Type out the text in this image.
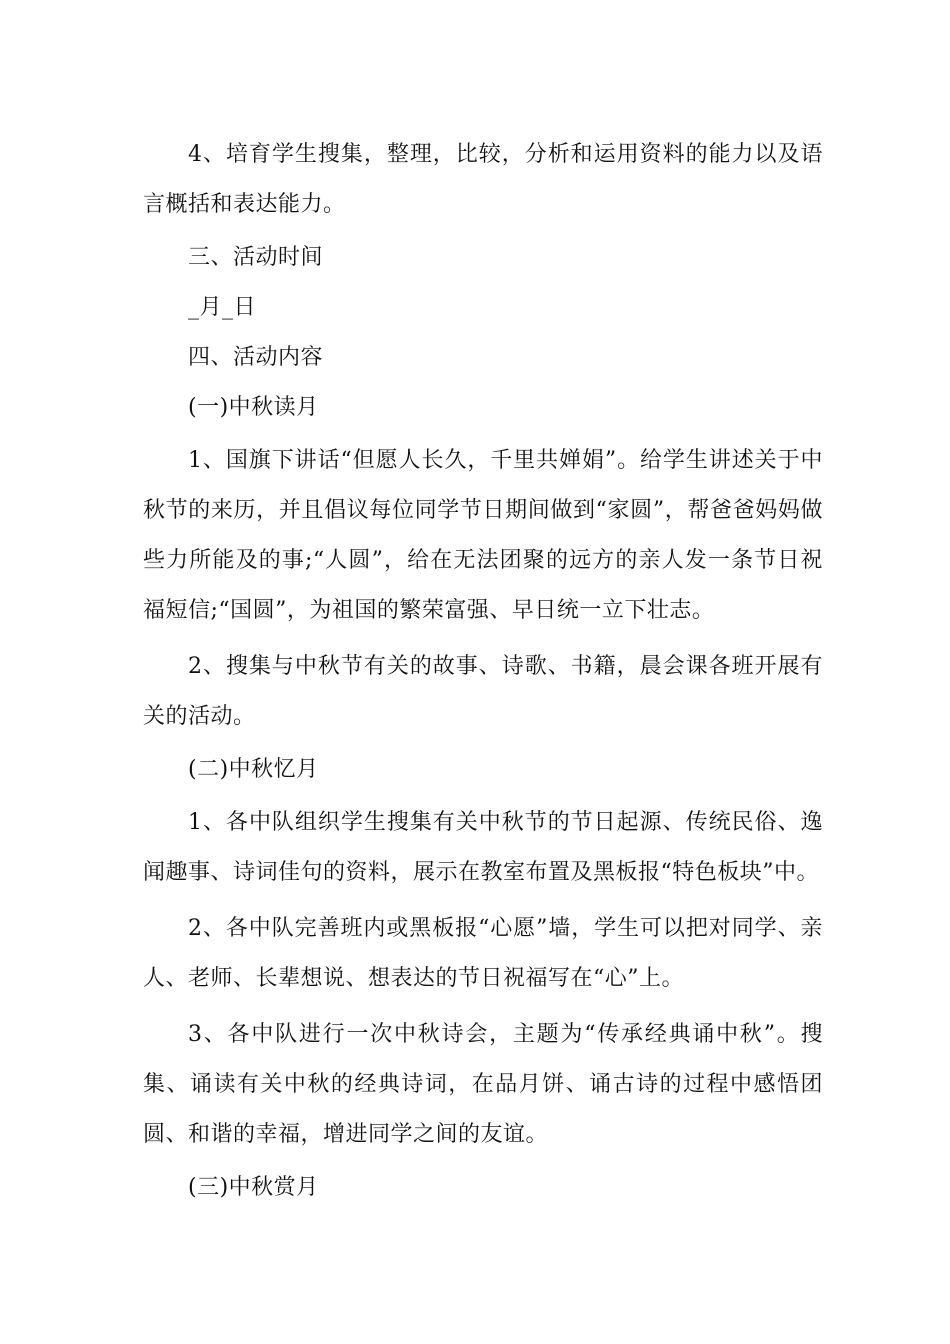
4、培育学生搜集，整理，比较，分析和运用资料的能力以及语言概括和表达能力。

三、活动时间

_月_日

四、活动内容

(一)中秋读月

1、国旗下讲话“但愿人长久，千里共婵娟”。给学生讲述关于中秋节的来历，并且倡议每位同学节日期间做到“家圆”，帮爸爸妈妈做些力所能及的事;“人圆”，给在无法团聚的远方的亲人发一条节日祝福短信;“国圆”，为祖国的繁荣富强、早日统一立下壮志。

2、搜集与中秋节有关的故事、诗歌、书籍，晨会课各班开展有关的活动。

(二)中秋忆月

1、各中队组织学生搜集有关中秋节的节日起源、传统民俗、逸闻趣事、诗词佳句的资料，展示在教室布置及黑板报“特色板块”中。

2、各中队完善班内或黑板报“心愿”墙，学生可以把对同学、亲人、老师、长辈想说、想表达的节日祝福写在“心”上。

3、各中队进行一次中秋诗会，主题为“传承经典诵中秋”。搜集、诵读有关中秋的经典诗词，在品月饼、诵古诗的过程中感悟团圆、和谐的幸福，增进同学之间的友谊。

(三)中秋赏月
